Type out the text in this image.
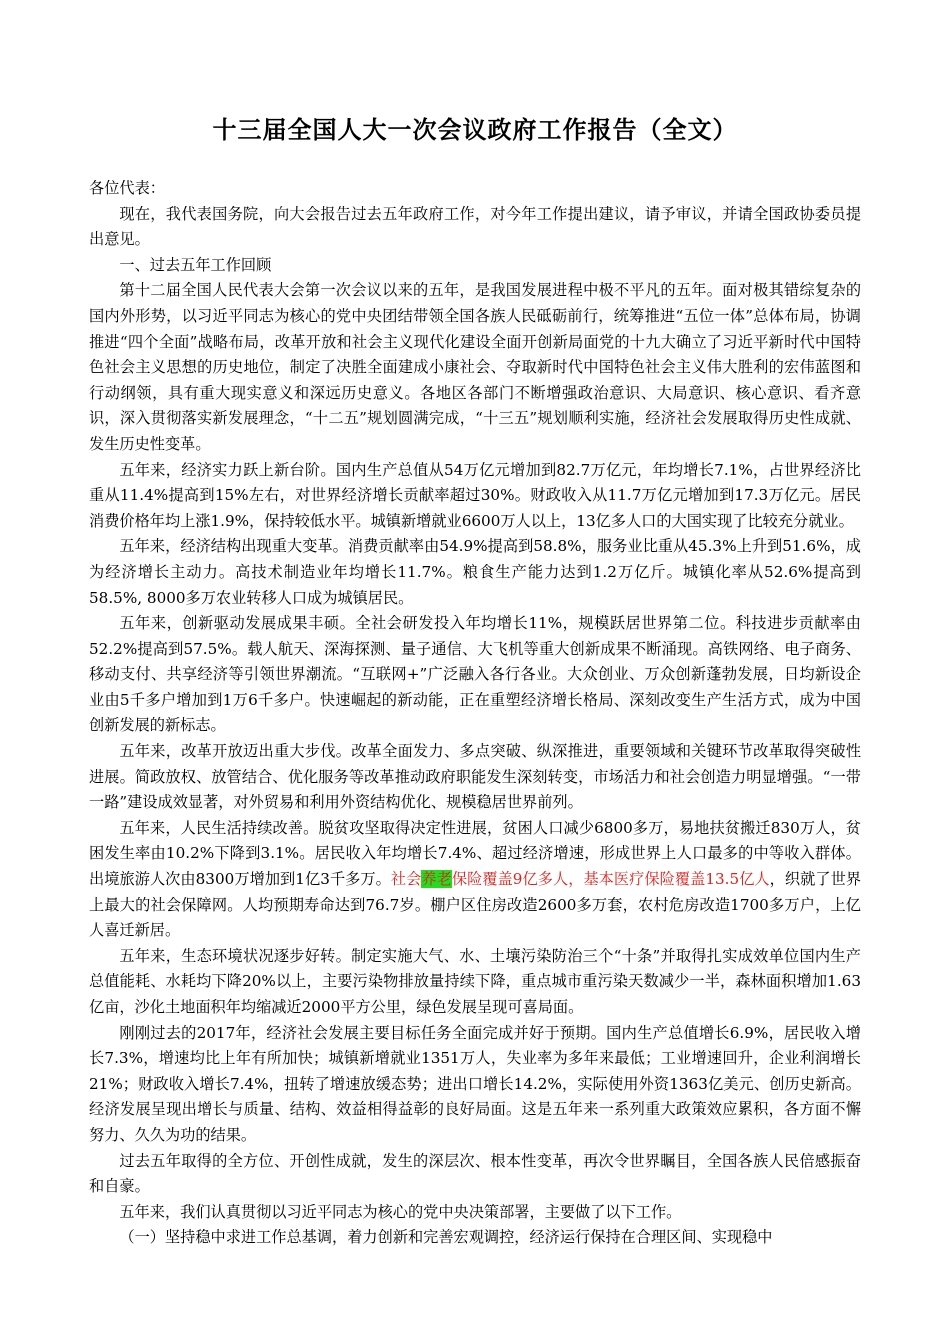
十三届全国人大一次会议政府工作报告（全文）

各位代表：

现在，我代表国务院，向大会报告过去五年政府工作，对今年工作提出建议，请予审议，并请全国政协委员提出意见。

一、过去五年工作回顾

第十二届全国人民代表大会第一次会议以来的五年，是我国发展进程中极不平凡的五年。面对极其错综复杂的国内外形势，以习近平同志为核心的党中央团结带领全国各族人民砥砺前行，统筹推进“五位一体”总体布局，协调推进“四个全面”战略布局，改革开放和社会主义现代化建设全面开创新局面党的十九大确立了习近平新时代中国特色社会主义思想的历史地位，制定了决胜全面建成小康社会、夺取新时代中国特色社会主义伟大胜利的宏伟蓝图和行动纲领，具有重大现实意义和深远历史意义。各地区各部门不断增强政治意识、大局意识、核心意识、看齐意识，深入贯彻落实新发展理念，“十二五”规划圆满完成，“十三五”规划顺利实施，经济社会发展取得历史性成就、发生历史性变革。

五年来，经济实力跃上新台阶。国内生产总值从54万亿元增加到82.7万亿元，年均增长7.1%，占世界经济比重从11.4%提高到15%左右，对世界经济增长贡献率超过30%。财政收入从11.7万亿元增加到17.3万亿元。居民消费价格年均上涨1.9%，保持较低水平。城镇新增就业6600万人以上，13亿多人口的大国实现了比较充分就业。

五年来，经济结构出现重大变革。消费贡献率由54.9%提高到58.8%，服务业比重从45.3%上升到51.6%，成为经济增长主动力。高技术制造业年均增长11.7%。粮食生产能力达到1.2万亿斤。城镇化率从52.6%提高到58.5%, 8000多万农业转移人口成为城镇居民。

五年来，创新驱动发展成果丰硕。全社会研发投入年均增长11%，规模跃居世界第二位。科技进步贡献率由52.2%提高到57.5%。载人航天、深海探测、量子通信、大飞机等重大创新成果不断涌现。高铁网络、电子商务、移动支付、共享经济等引领世界潮流。“互联网+”广泛融入各行各业。大众创业、万众创新蓬勃发展，日均新设企业由5千多户增加到1万6千多户。快速崛起的新动能，正在重塑经济增长格局、深刻改变生产生活方式，成为中国创新发展的新标志。

五年来，改革开放迈出重大步伐。改革全面发力、多点突破、纵深推进，重要领域和关键环节改革取得突破性进展。简政放权、放管结合、优化服务等改革推动政府职能发生深刻转变，市场活力和社会创造力明显增强。“一带一路”建设成效显著，对外贸易和利用外资结构优化、规模稳居世界前列。

五年来，人民生活持续改善。脱贫攻坚取得决定性进展，贫困人口减少6800多万，易地扶贫搬迁830万人，贫困发生率由10.2%下降到3.1%。居民收入年均增长7.4%、超过经济增速，形成世界上人口最多的中等收入群体。出境旅游人次由8300万增加到1亿3千多万。社会养老保险覆盖9亿多人，基本医疗保险覆盖13.5亿人，织就了世界上最大的社会保障网。人均预期寿命达到76.7岁。棚户区住房改造2600多万套，农村危房改造1700多万户，上亿人喜迁新居。

五年来，生态环境状况逐步好转。制定实施大气、水、土壤污染防治三个“十条”并取得扎实成效单位国内生产总值能耗、水耗均下降20%以上，主要污染物排放量持续下降，重点城市重污染天数减少一半，森林面积增加1.63亿亩，沙化土地面积年均缩减近2000平方公里，绿色发展呈现可喜局面。

刚刚过去的2017年，经济社会发展主要目标任务全面完成并好于预期。国内生产总值增长6.9%，居民收入增长7.3%，增速均比上年有所加快；城镇新增就业1351万人，失业率为多年来最低；工业增速回升，企业利润增长21%；财政收入增长7.4%，扭转了增速放缓态势；进出口增长14.2%，实际使用外资1363亿美元、创历史新高。经济发展呈现出增长与质量、结构、效益相得益彰的良好局面。这是五年来一系列重大政策效应累积，各方面不懈努力、久久为功的结果。

过去五年取得的全方位、开创性成就，发生的深层次、根本性变革，再次令世界瞩目，全国各族人民倍感振奋和自豪。

五年来，我们认真贯彻以习近平同志为核心的党中央决策部署，主要做了以下工作。

（一）坚持稳中求进工作总基调，着力创新和完善宏观调控，经济运行保持在合理区间、实现稳中
